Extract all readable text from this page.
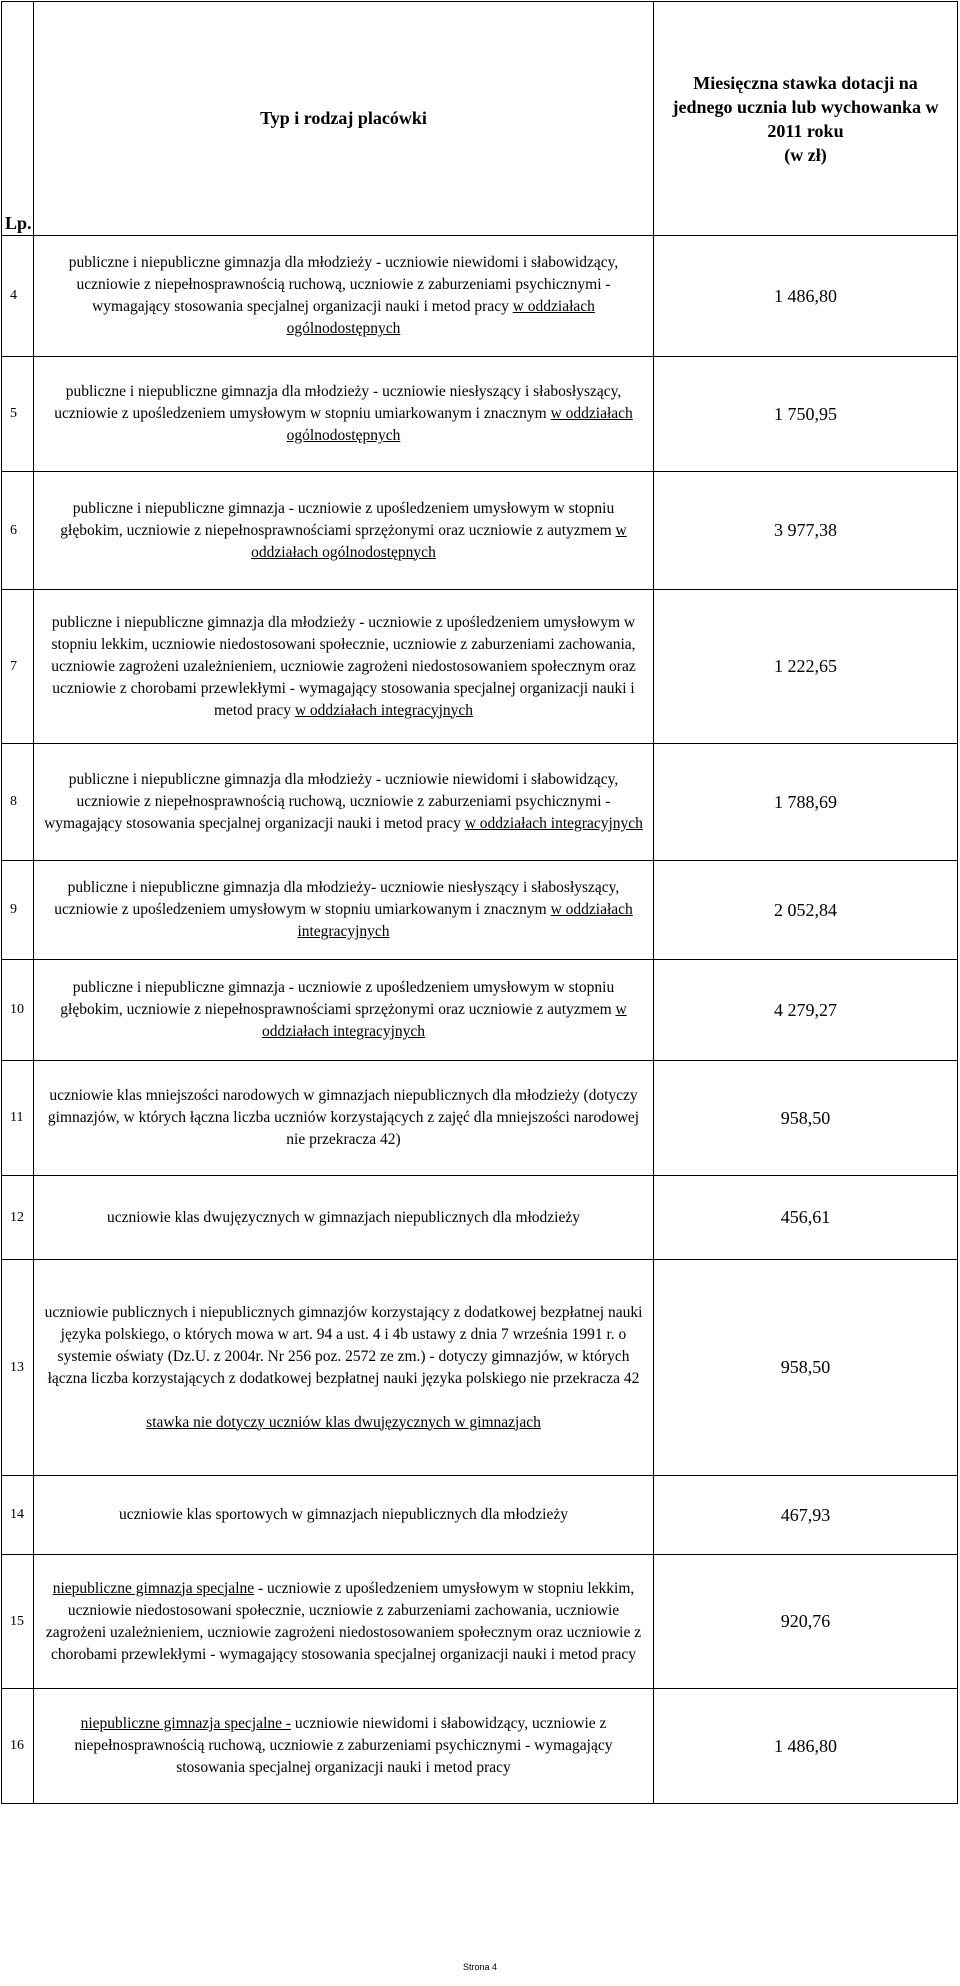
Lp.	Typ i rodzaj placówki	Miesięczna stawka dotacji na
jednego ucznia lub wychowanka w
2011 roku
(w zł)
4	publiczne i niepubliczne gimnazja dla młodzieży - uczniowie niewidomi i słabowidzący, uczniowie z niepełnosprawnością ruchową, uczniowie z zaburzeniami psychicznymi - wymagający stosowania specjalnej organizacji nauki i metod pracy w oddziałach ogólnodostępnych	1 486,80
5	publiczne i niepubliczne gimnazja dla młodzieży - uczniowie niesłyszący i słabosłyszący, uczniowie z upośledzeniem umysłowym w stopniu umiarkowanym i znacznym w oddziałach ogólnodostępnych	1 750,95
6	publiczne i niepubliczne gimnazja - uczniowie z upośledzeniem umysłowym w stopniu głębokim, uczniowie z niepełnosprawnościami sprzężonymi oraz uczniowie z autyzmem w oddziałach ogólnodostępnych	3 977,38
7	publiczne i niepubliczne gimnazja dla młodzieży - uczniowie z upośledzeniem umysłowym w stopniu lekkim, uczniowie niedostosowani społecznie, uczniowie z zaburzeniami zachowania, uczniowie zagrożeni uzależnieniem, uczniowie zagrożeni niedostosowaniem społecznym oraz uczniowie z chorobami przewlekłymi - wymagający stosowania specjalnej organizacji nauki i metod pracy w oddziałach integracyjnych	1 222,65
8	publiczne i niepubliczne gimnazja dla młodzieży - uczniowie niewidomi i słabowidzący, uczniowie z niepełnosprawnością ruchową, uczniowie z zaburzeniami psychicznymi - wymagający stosowania specjalnej organizacji nauki i metod pracy w oddziałach integracyjnych	1 788,69
9	publiczne i niepubliczne gimnazja dla młodzieży- uczniowie niesłyszący i słabosłyszący, uczniowie z upośledzeniem umysłowym w stopniu umiarkowanym i znacznym w oddziałach integracyjnych	2 052,84
10	publiczne i niepubliczne gimnazja - uczniowie z upośledzeniem umysłowym w stopniu głębokim, uczniowie z niepełnosprawnościami sprzężonymi oraz uczniowie z autyzmem w oddziałach integracyjnych	4 279,27
11	uczniowie klas mniejszości narodowych w gimnazjach niepublicznych dla młodzieży (dotyczy gimnazjów, w których łączna liczba uczniów korzystających z zajęć dla mniejszości narodowej nie przekracza 42)	958,50
12	uczniowie klas dwujęzycznych w gimnazjach niepublicznych dla młodzieży	456,61
13	uczniowie publicznych i niepublicznych gimnazjów korzystający z dodatkowej bezpłatnej nauki języka polskiego, o których mowa w art. 94 a ust. 4 i 4b ustawy z dnia 7 września 1991 r. o systemie oświaty (Dz.U. z 2004r. Nr 256 poz. 2572 ze zm.) - dotyczy gimnazjów, w których łączna liczba korzystających z dodatkowej bezpłatnej nauki języka polskiego nie przekracza 42
stawka nie dotyczy uczniów klas dwujęzycznych w gimnazjach	958,50
14	uczniowie klas sportowych w gimnazjach niepublicznych dla młodzieży	467,93
15	niepubliczne gimnazja specjalne - uczniowie z upośledzeniem umysłowym w stopniu lekkim, uczniowie niedostosowani społecznie, uczniowie z zaburzeniami zachowania, uczniowie zagrożeni uzależnieniem, uczniowie zagrożeni niedostosowaniem społecznym oraz uczniowie z chorobami przewlekłymi - wymagający stosowania specjalnej organizacji nauki i metod pracy	920,76
16	niepubliczne gimnazja specjalne - uczniowie niewidomi i słabowidzący, uczniowie z niepełnosprawnością ruchową, uczniowie z zaburzeniami psychicznymi - wymagający stosowania specjalnej organizacji nauki i metod pracy	1 486,80
Strona 4
